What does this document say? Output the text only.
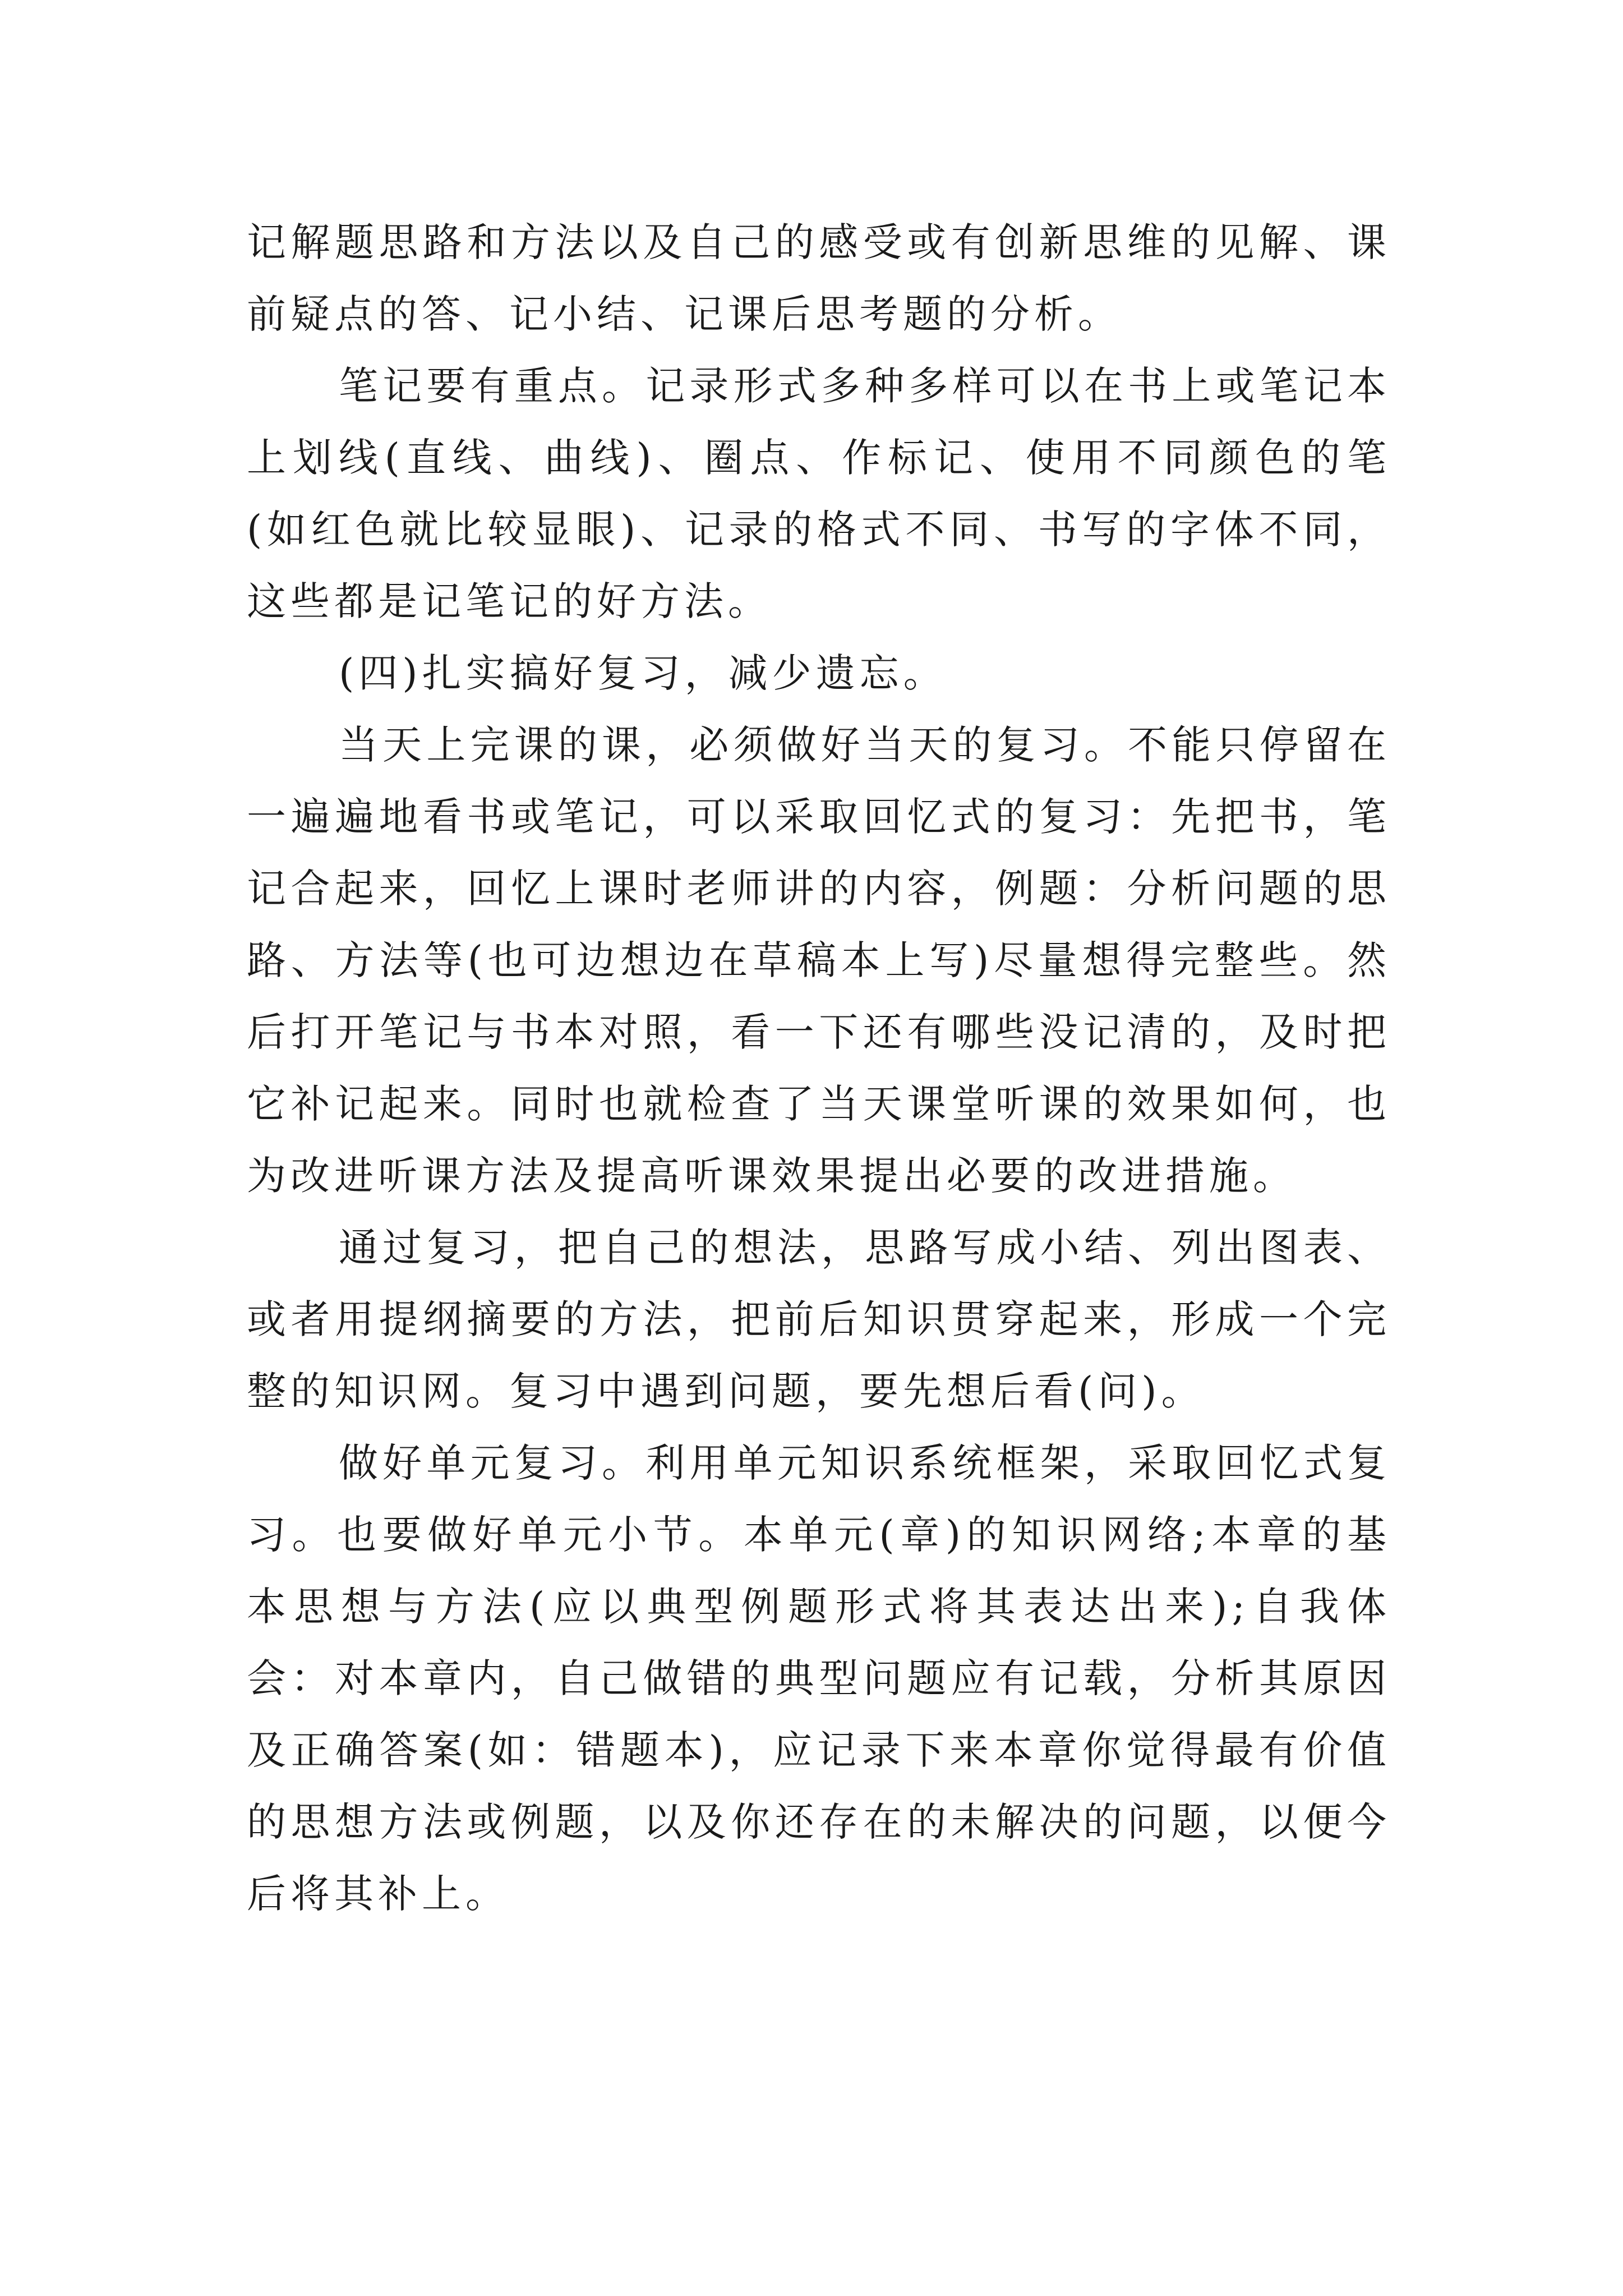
记解题思路和方法以及自己的感受或有创新思维的见解、课前疑点的答、记小结、记课后思考题的分析。

笔记要有重点。记录形式多种多样可以在书上或笔记本上划线(直线、曲线)、圈点、作标记、使用不同颜色的笔(如红色就比较显眼)、记录的格式不同、书写的字体不同，这些都是记笔记的好方法。

(四)扎实搞好复习，减少遗忘。

当天上完课的课，必须做好当天的复习。不能只停留在一遍遍地看书或笔记，可以采取回忆式的复习：先把书，笔记合起来，回忆上课时老师讲的内容，例题：分析问题的思路、方法等(也可边想边在草稿本上写)尽量想得完整些。然后打开笔记与书本对照，看一下还有哪些没记清的，及时把它补记起来。同时也就检查了当天课堂听课的效果如何，也为改进听课方法及提高听课效果提出必要的改进措施。

通过复习，把自己的想法，思路写成小结、列出图表、或者用提纲摘要的方法，把前后知识贯穿起来，形成一个完整的知识网。复习中遇到问题，要先想后看(问)。

做好单元复习。利用单元知识系统框架，采取回忆式复习。也要做好单元小节。本单元(章)的知识网络;本章的基本思想与方法(应以典型例题形式将其表达出来);自我体会：对本章内，自己做错的典型问题应有记载，分析其原因及正确答案(如：错题本)，应记录下来本章你觉得最有价值的思想方法或例题，以及你还存在的未解决的问题，以便今后将其补上。
